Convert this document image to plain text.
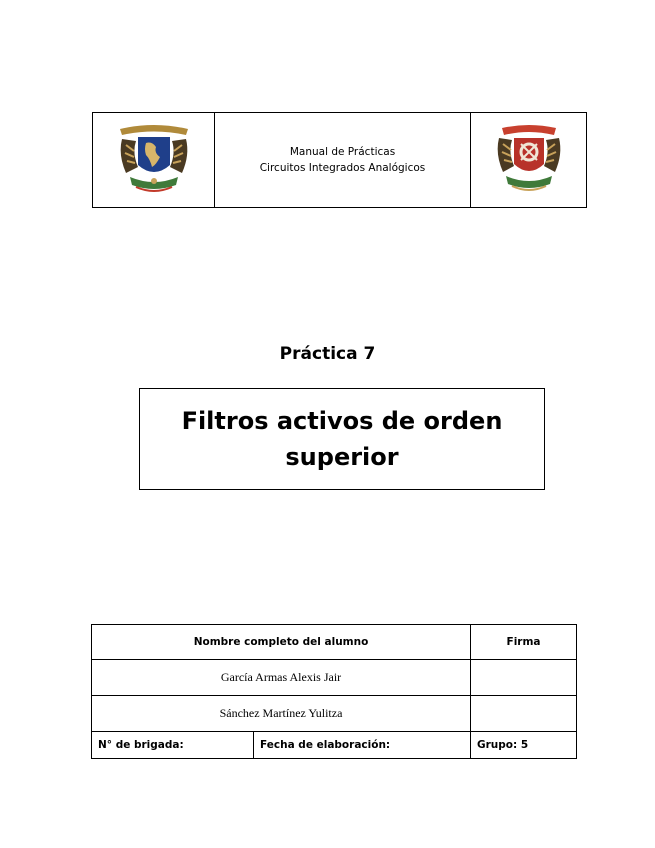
Manual de Prácticas
Circuitos Integrados Analógicos
Práctica 7
Filtros activos de orden
superior
Nombre completo del alumno		Firma
García Armas Alexis Jair		
Sánchez Martínez Yulitza		
N° de brigada:	Fecha de elaboración:	Grupo: 5
